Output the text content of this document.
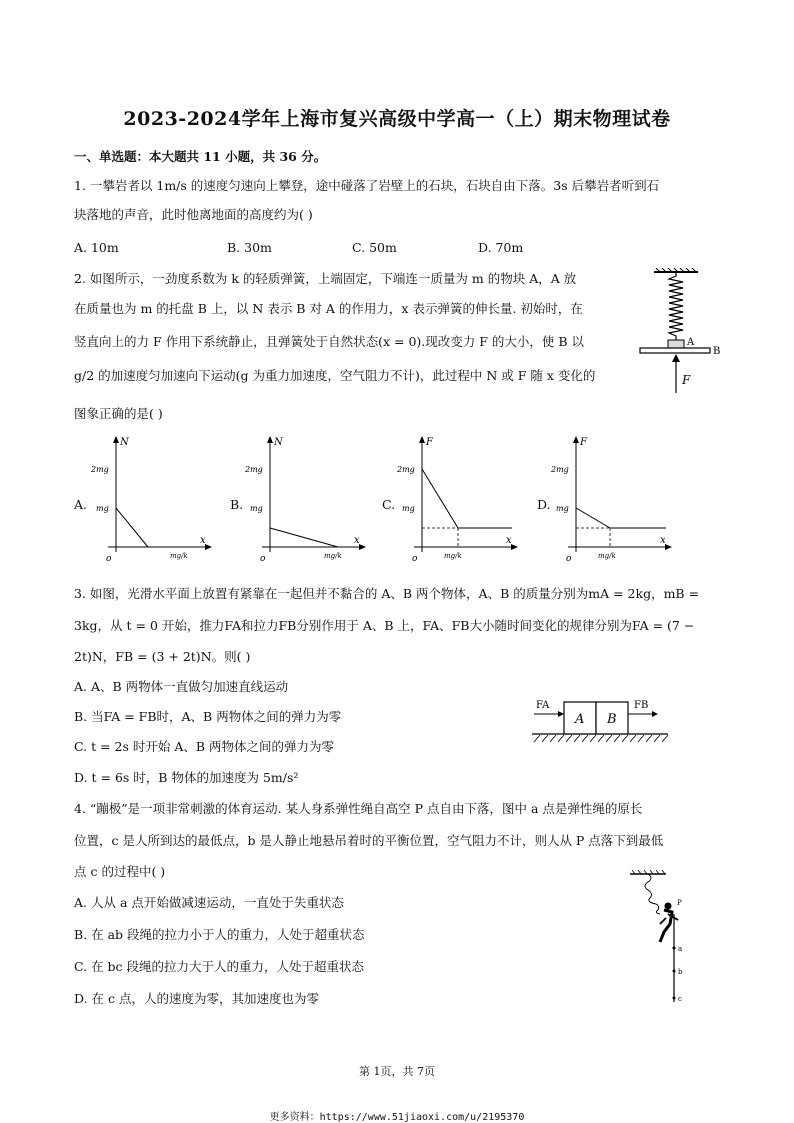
2023-2024学年上海市复兴高级中学高一（上）期末物理试卷
一、单选题：本大题共 11 小题，共 36 分。
1. 一攀岩者以 1m/s 的速度匀速向上攀登，途中碰落了岩壁上的石块，石块自由下落。3s 后攀岩者听到石
块落地的声音，此时他离地面的高度约为( )
A. 10m	B. 30m	C. 50m	D. 70m
2. 如图所示，一劲度系数为 k 的轻质弹簧，上端固定，下端连一质量为 m 的物块 A，A 放
在质量也为 m 的托盘 B 上，以 N 表示 B 对 A 的作用力，x 表示弹簧的伸长量. 初始时，在
竖直向上的力 F 作用下系统静止，且弹簧处于自然状态(x = 0).现改变力 F 的大小，使 B 以
g/2 的加速度匀加速向下运动(g 为重力加速度，空气阻力不计)，此过程中 N 或 F 随 x 变化的
图象正确的是( )
A
B
F
A.	B.	C.	D.
N
2mg
mg
o	mg/k
x
N
2mg
mg
o	mg/k
x
F
2mg
mg
o	mg/k
x
F
2mg
mg
o	mg/k
x
3. 如图，光滑水平面上放置有紧靠在一起但并不黏合的 A、B 两个物体，A、B 的质量分别为mA = 2kg，mB =
3kg，从 t = 0 开始，推力FA和拉力FB分别作用于 A、B 上，FA、FB大小随时间变化的规律分别为FA = (7 −
2t)N，FB = (3 + 2t)N。则( )
A. A、B 两物体一直做匀加速直线运动
B. 当FA = FB时，A、B 两物体之间的弹力为零
C. t = 2s 时开始 A、B 两物体之间的弹力为零
D. t = 6s 时，B 物体的加速度为 5m/s²
A B
FA	FB
4. “蹦极”是一项非常刺激的体育运动. 某人身系弹性绳自高空 P 点自由下落，图中 a 点是弹性绳的原长
位置，c 是人所到达的最低点，b 是人静止地悬吊着时的平衡位置，空气阻力不计，则人从 P 点落下到最低
点 c 的过程中( )
A. 人从 a 点开始做减速运动，一直处于失重状态
B. 在 ab 段绳的拉力小于人的重力，人处于超重状态
C. 在 bc 段绳的拉力大于人的重力，人处于超重状态
D. 在 c 点，人的速度为零，其加速度也为零
P
a
b
c
第 1页，共 7页
更多资料：https://www.51jiaoxi.com/u/2195370
